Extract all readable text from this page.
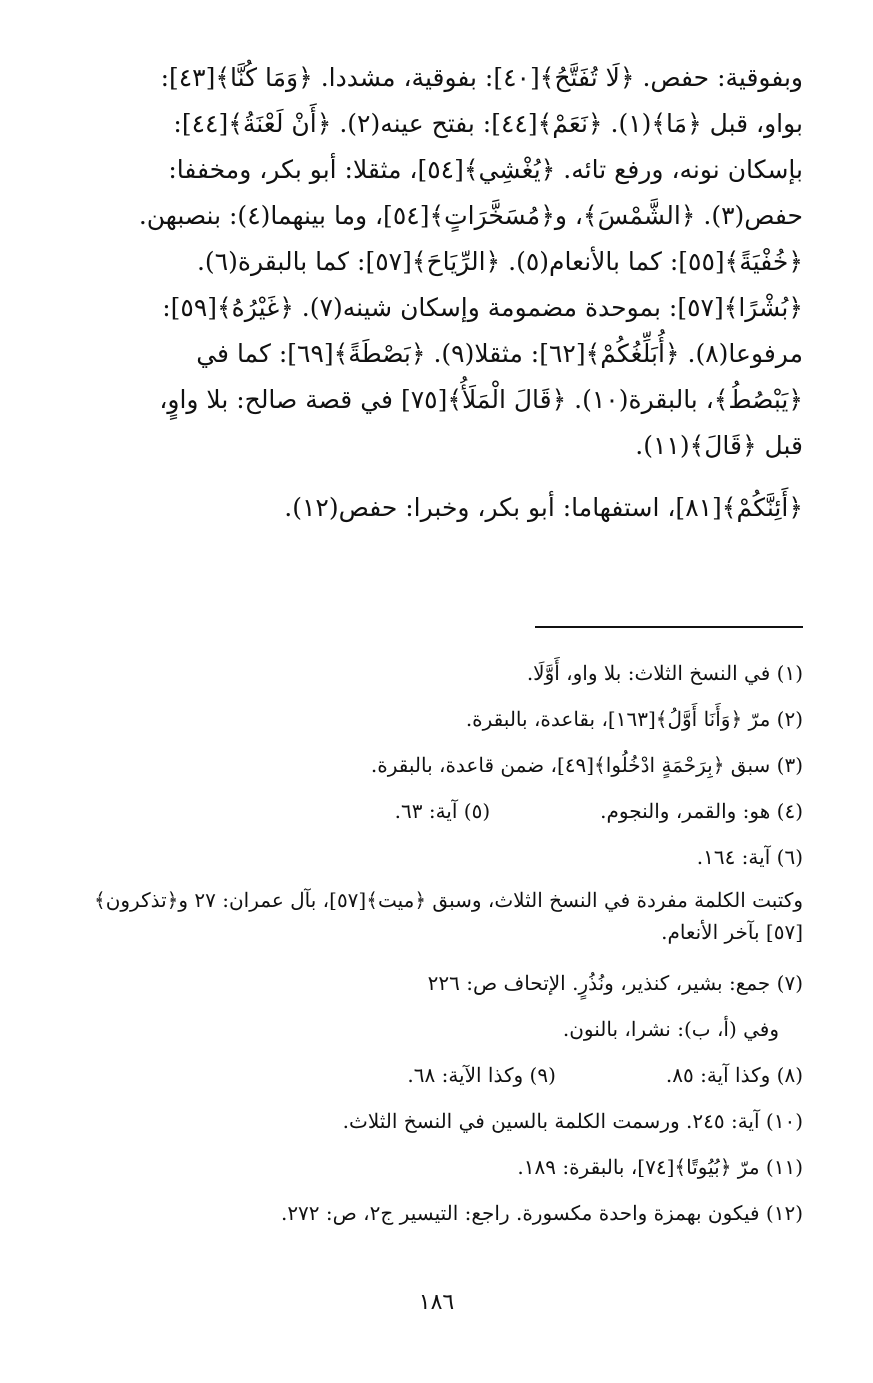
وبفوقية: حفص. ﴿لَا تُفَتَّحُ﴾[٤٠]: بفوقية، مشددا. ﴿وَمَا كُنَّا﴾[٤٣]:
بواو، قبل ﴿مَا﴾(١). ﴿نَعَمْ﴾[٤٤]: بفتح عينه(٢). ﴿أَنْ لَعْنَةُ﴾[٤٤]:
بإسكان نونه، ورفع تائه. ﴿يُغْشِي﴾[٥٤]، مثقلا: أبو بكر، ومخففا:
حفص(٣). ﴿الشَّمْسَ﴾، و﴿مُسَخَّرَاتٍ﴾[٥٤]، وما بينهما(٤): بنصبهن.
﴿خُفْيَةً﴾[٥٥]: كما بالأنعام(٥). ﴿الرِّيَاحَ﴾[٥٧]: كما بالبقرة(٦).
﴿بُشْرًا﴾[٥٧]: بموحدة مضمومة وإسكان شينه(٧). ﴿غَيْرُهُ﴾[٥٩]:
مرفوعا(٨). ﴿أُبَلِّغُكُمْ﴾[٦٢]: مثقلا(٩). ﴿بَصْطَةً﴾[٦٩]: كما في
﴿يَبْصُطُ﴾، بالبقرة(١٠). ﴿قَالَ الْمَلَأُ﴾[٧٥] في قصة صالح: بلا واوٍ،
قبل ﴿قَالَ﴾(١١).
﴿أَئِنَّكُمْ﴾[٨١]، استفهاما: أبو بكر، وخبرا: حفص(١٢).

(١) في النسخ الثلاث: بلا واو، أَوَّلَا.

(٢) مرّ ﴿وَأَنَا أَوَّلُ﴾[١٦٣]، بقاعدة، بالبقرة.

(٣) سبق ﴿بِرَحْمَةٍ ادْخُلُوا﴾[٤٩]، ضمن قاعدة، بالبقرة.

(٤) هو: والقمر، والنجوم.
(٥) آية: ٦٣.

(٦) آية: ١٦٤.

وكتبت الكلمة مفردة في النسخ الثلاث، وسبق ﴿ميت﴾[٥٧]، بآل عمران: ٢٧ و﴿تذكرون﴾[٥٧] بآخر الأنعام.

(٧) جمع: بشير، كنذير، ونُذُرٍ. الإتحاف ص: ٢٢٦

وفي (أ، ب): نشرا، بالنون.

(٨) وكذا آية: ٨٥.
(٩) وكذا الآية: ٦٨.

(١٠) آية: ٢٤٥. ورسمت الكلمة بالسين في النسخ الثلاث.

(١١) مرّ ﴿بُيُوتًا﴾[٧٤]، بالبقرة: ١٨٩.

(١٢) فيكون بهمزة واحدة مكسورة. راجع: التيسير ج٢، ص: ٢٧٢.

١٨٦
